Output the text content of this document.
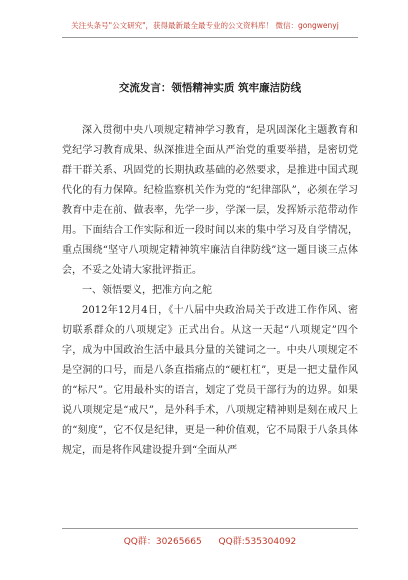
关注头条号"公文研究"，获得最新最全最专业的公文资料库！ 微信：gongwenyj
交流发言：领悟精神实质 筑牢廉洁防线

深入贯彻中央八项规定精神学习教育，是巩固深化主题教育和党纪学习教育成果、纵深推进全面从严治党的重要举措，是密切党群干群关系、巩固党的长期执政基础的必然要求，是推进中国式现代化的有力保障。纪检监察机关作为党的“纪律部队”，必须在学习教育中走在前、做表率，先学一步，学深一层，发挥矫示范带动作用。下面结合工作实际和近一段时间以来的集中学习及自学情况，重点围绕“坚守八项规定精神筑牢廉洁自律防线”这一题目谈三点体会，不妥之处请大家批评指正。

一、领悟要义，把准方向之舵

2012年12月4日，《十八届中央政治局关于改进工作作风、密切联系群众的八项规定》正式出台。从这一天起“八项规定”四个字，成为中国政治生活中最具分量的关键词之一。中央八项规定不是空洞的口号，而是八条直指痛点的“硬杠杠”，更是一把丈量作风的“标尺”。它用最朴实的语言，划定了党员干部行为的边界。如果说八项规定是“戒尺”，是外科手术，八项规定精神则是刻在戒尺上的“刻度”，它不仅是纪律，更是一种价值观，它不局限于八条具体规定，而是将作风建设提升到“全面从严

QQ群：30265665 QQ群:535304092
